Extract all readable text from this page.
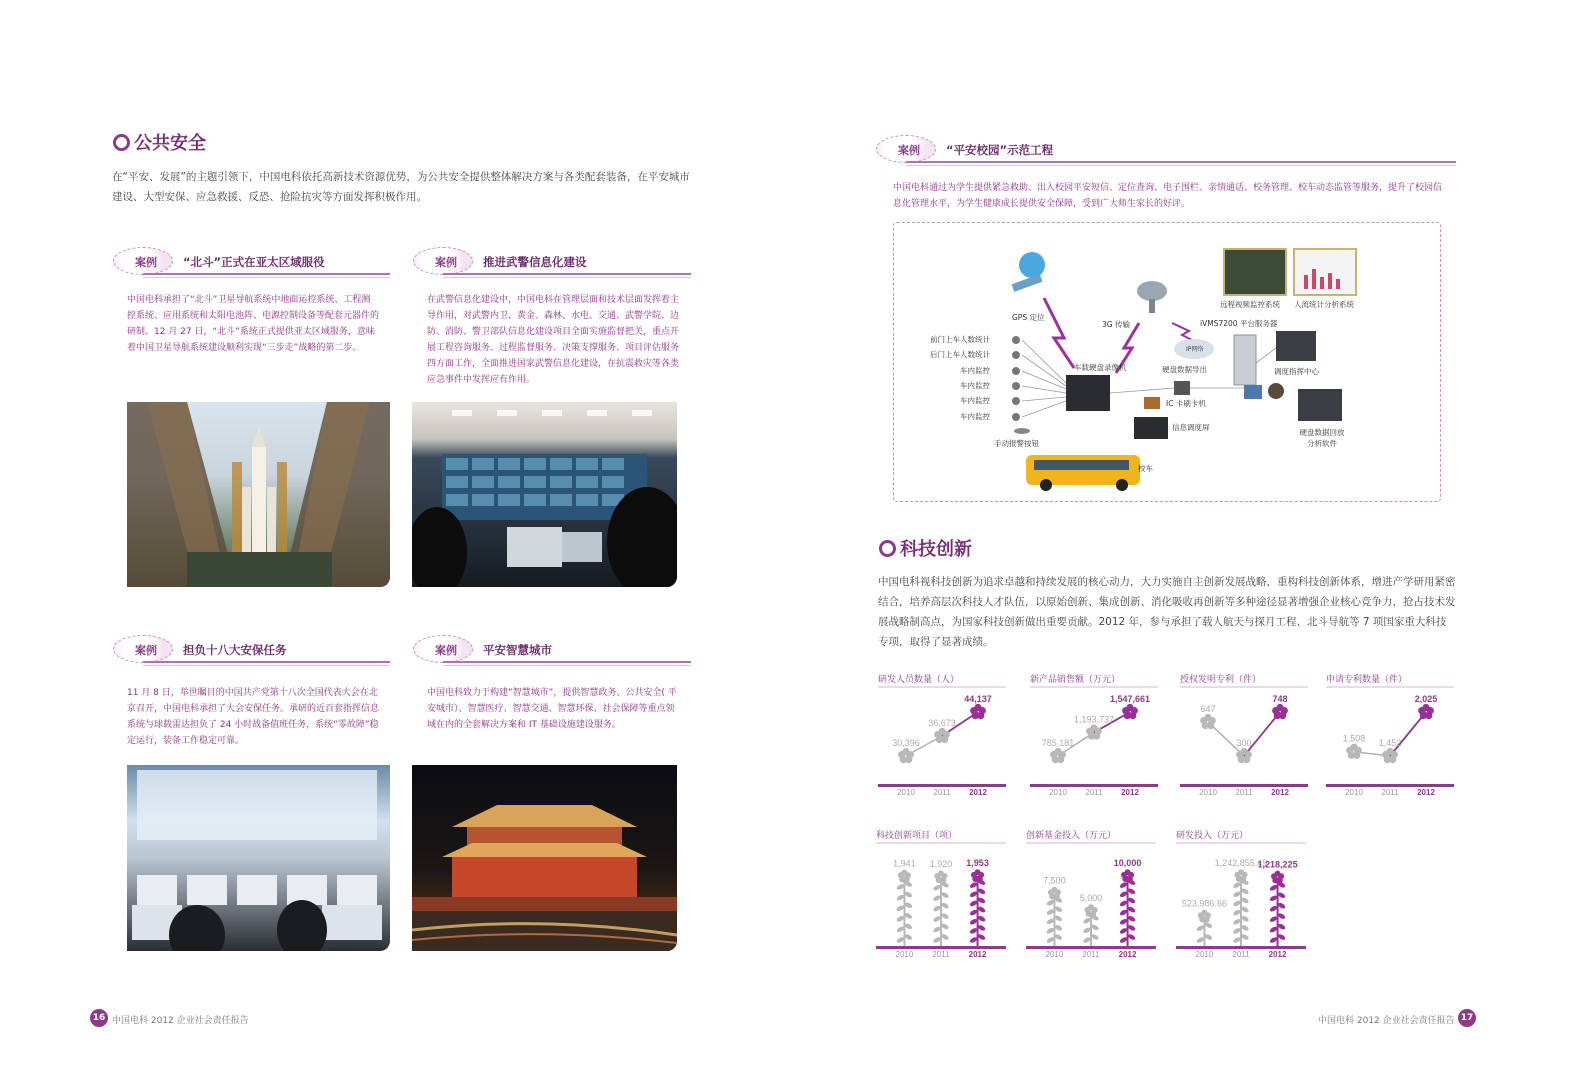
公共安全
在“平安、发展”的主题引领下，中国电科依托高新技术资源优势，为公共安全提供整体解决方案与各类配套装备，在平安城市建设、大型安保、应急救援、反恐、抢险抗灾等方面发挥积极作用。
案例 “北斗”正式在亚太区域服役
中国电科承担了“北斗”卫星导航系统中地面运控系统、工程测控系统、应用系统和太阳电池阵、电源控制设备等配套元器件的研制。12 月 27 日，“北斗”系统正式提供亚太区域服务，意味着中国卫星导航系统建设顺利实现“三步走”战略的第二步。
案例 推进武警信息化建设
在武警信息化建设中，中国电科在管理层面和技术层面发挥着主导作用，对武警内卫、黄金、森林、水电、交通、武警学院、边防、消防、警卫部队信息化建设项目全面实施监督把关，重点开展工程咨询服务、过程监督服务、决策支撑服务、项目评估服务四方面工作，全面推进国家武警信息化建设，在抗震救灾等各类应急事件中发挥应有作用。
案例 担负十八大安保任务
11 月 8 日，举世瞩目的中国共产党第十八次全国代表大会在北京召开，中国电科承担了大会安保任务。承研的近百套指挥信息系统与球载雷达担负了 24 小时战备值班任务，系统“零故障”稳定运行，装备工作稳定可靠。
案例 平安智慧城市
中国电科致力于构建“智慧城市”，提供智慧政务、公共安全( 平安城市）、智慧医疗、智慧交通、智慧环保、社会保障等重点领域在内的全套解决方案和 IT 基础设施建设服务。
16 中国电科 2012 企业社会责任报告
案例 “平安校园”示范工程
中国电科通过为学生提供紧急救助、出入校园平安短信、定位查询、电子围栏、亲情通话、校务管理、校车动态监管等服务，提升了校园信息化管理水平，为学生健康成长提供安全保障，受到广大师生家长的好评。
GPS 定位
3G 传输
IP网络
iVMS7200 平台服务器
远程视频监控系统 人流统计分析系统
调度指挥中心
车载硬盘录像机	硬盘数据导出
IC 卡刷卡机
信息调度屏
硬盘数据回放分析软件
手动报警按钮
校车
前门上车人数统计
后门上车人数统计
车内监控
车内监控
车内监控
车内监控
科技创新
中国电科视科技创新为追求卓越和持续发展的核心动力，大力实施自主创新发展战略，重构科技创新体系，增进产学研用紧密结合，培养高层次科技人才队伍，以原始创新、集成创新、消化吸收再创新等多种途径显著增强企业核心竞争力，抢占技术发展战略制高点，为国家科技创新做出重要贡献。2012 年，参与承担了载人航天与探月工程、北斗导航等 7 项国家重大科技专项，取得了显著成绩。
研发人员数量（人）
2010 2011 2012
30,396
36,673
44,137
新产品销售额（万元）
2010 2011 2012
785,181
1,193,737
1,547,661
授权发明专利（件）
2010 2011 2012
647
300
748
申请专利数量（件）
2010 2011 2012
1,508 1,452
2,025
科技创新项目（项）
2010 2011 2012
1,941 1,920 1,953
创新基金投入（万元）
2010 2011 2012
7,500
5,000
10,000
研发投入（万元）
2010 2011 2012
523,986.66
1,242,855.49
1,218,225
中国电科 2012 企业社会责任报告 17
